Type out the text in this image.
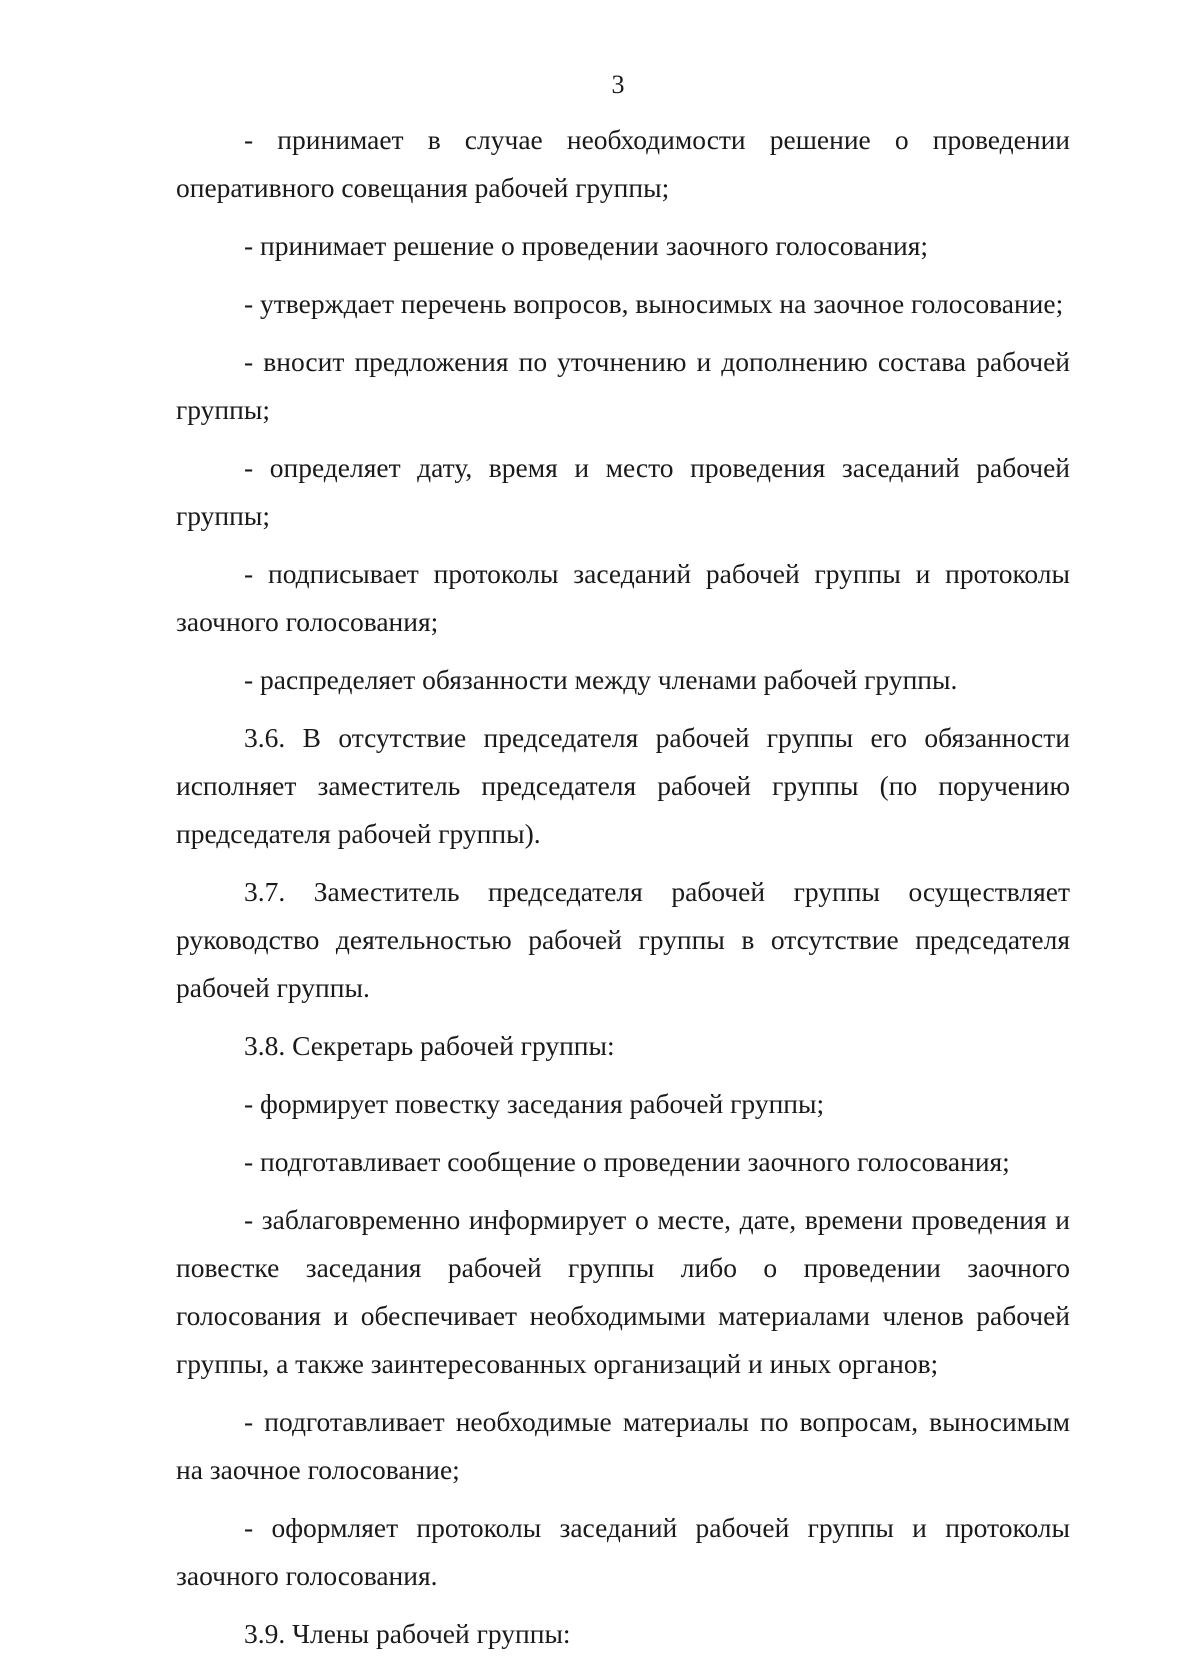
3

- принимает в случае необходимости решение о проведении оперативного совещания рабочей группы;

- принимает решение о проведении заочного голосования;

- утверждает перечень вопросов, выносимых на заочное голосование;

- вносит предложения по уточнению и дополнению состава рабочей группы;

- определяет дату, время и место проведения заседаний рабочей группы;

- подписывает протоколы заседаний рабочей группы и протоколы заочного голосования;

- распределяет обязанности между членами рабочей группы.

3.6. В отсутствие председателя рабочей группы его обязанности исполняет заместитель председателя рабочей группы (по поручению председателя рабочей группы).

3.7. Заместитель председателя рабочей группы осуществляет руководство деятельностью рабочей группы в отсутствие председателя рабочей группы.

3.8. Секретарь рабочей группы:

- формирует повестку заседания рабочей группы;

- подготавливает сообщение о проведении заочного голосования;

- заблаговременно информирует о месте, дате, времени проведения и повестке заседания рабочей группы либо о проведении заочного голосования и обеспечивает необходимыми материалами членов рабочей группы, а также заинтересованных организаций и иных органов;

- подготавливает необходимые материалы по вопросам, выносимым на заочное голосование;

- оформляет протоколы заседаний рабочей группы и протоколы заочного голосования.

3.9. Члены рабочей группы:
